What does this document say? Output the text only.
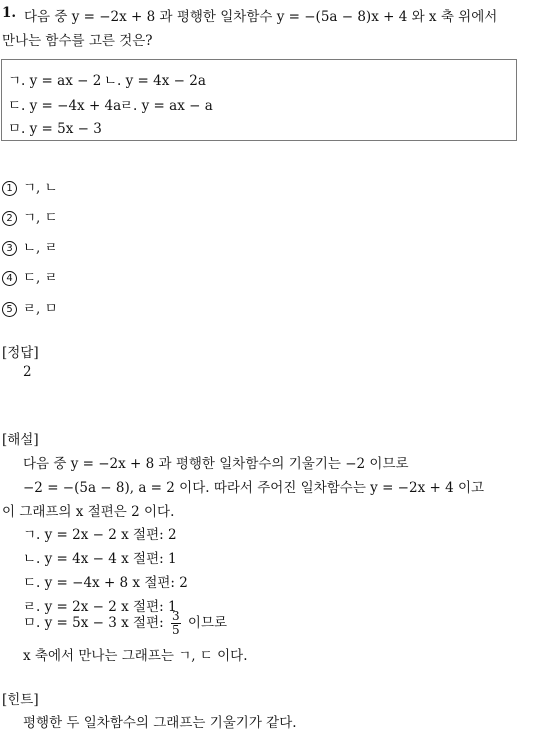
1. 다음 중 y = −2x + 8 과 평행한 일차함수 y = −(5a − 8)x + 4 와 x 축 위에서
만나는 함수를 고른 것은?
ㄱ. y = ax − 2 ㄴ. y = 4x − 2a
ㄷ. y = −4x + 4a
ㄹ. y = ax − a
ㅁ. y = 5x − 3
1 ㄱ, ㄴ
2 ㄱ, ㄷ
3 ㄴ, ㄹ
4 ㄷ, ㄹ
5 ㄹ, ㅁ
[정답]
2
[해설]
다음 중 y = −2x + 8 과 평행한 일차함수의 기울기는 −2 이므로
−2 = −(5a − 8), a = 2 이다. 따라서 주어진 일차함수는 y = −2x + 4 이고
이 그래프의 x 절편은 2 이다.
ㄱ. y = 2x − 2 x 절편: 2
ㄴ. y = 4x − 4 x 절편: 1
ㄷ. y = −4x + 8 x 절편: 2
ㄹ. y = 2x − 2 x 절편: 1
ㅁ. y = 5x − 3 x 절편: $\frac{3}{5}$ 이므로
x 축에서 만나는 그래프는 ㄱ, ㄷ 이다.
[힌트]
평행한 두 일차함수의 그래프는 기울기가 같다.
